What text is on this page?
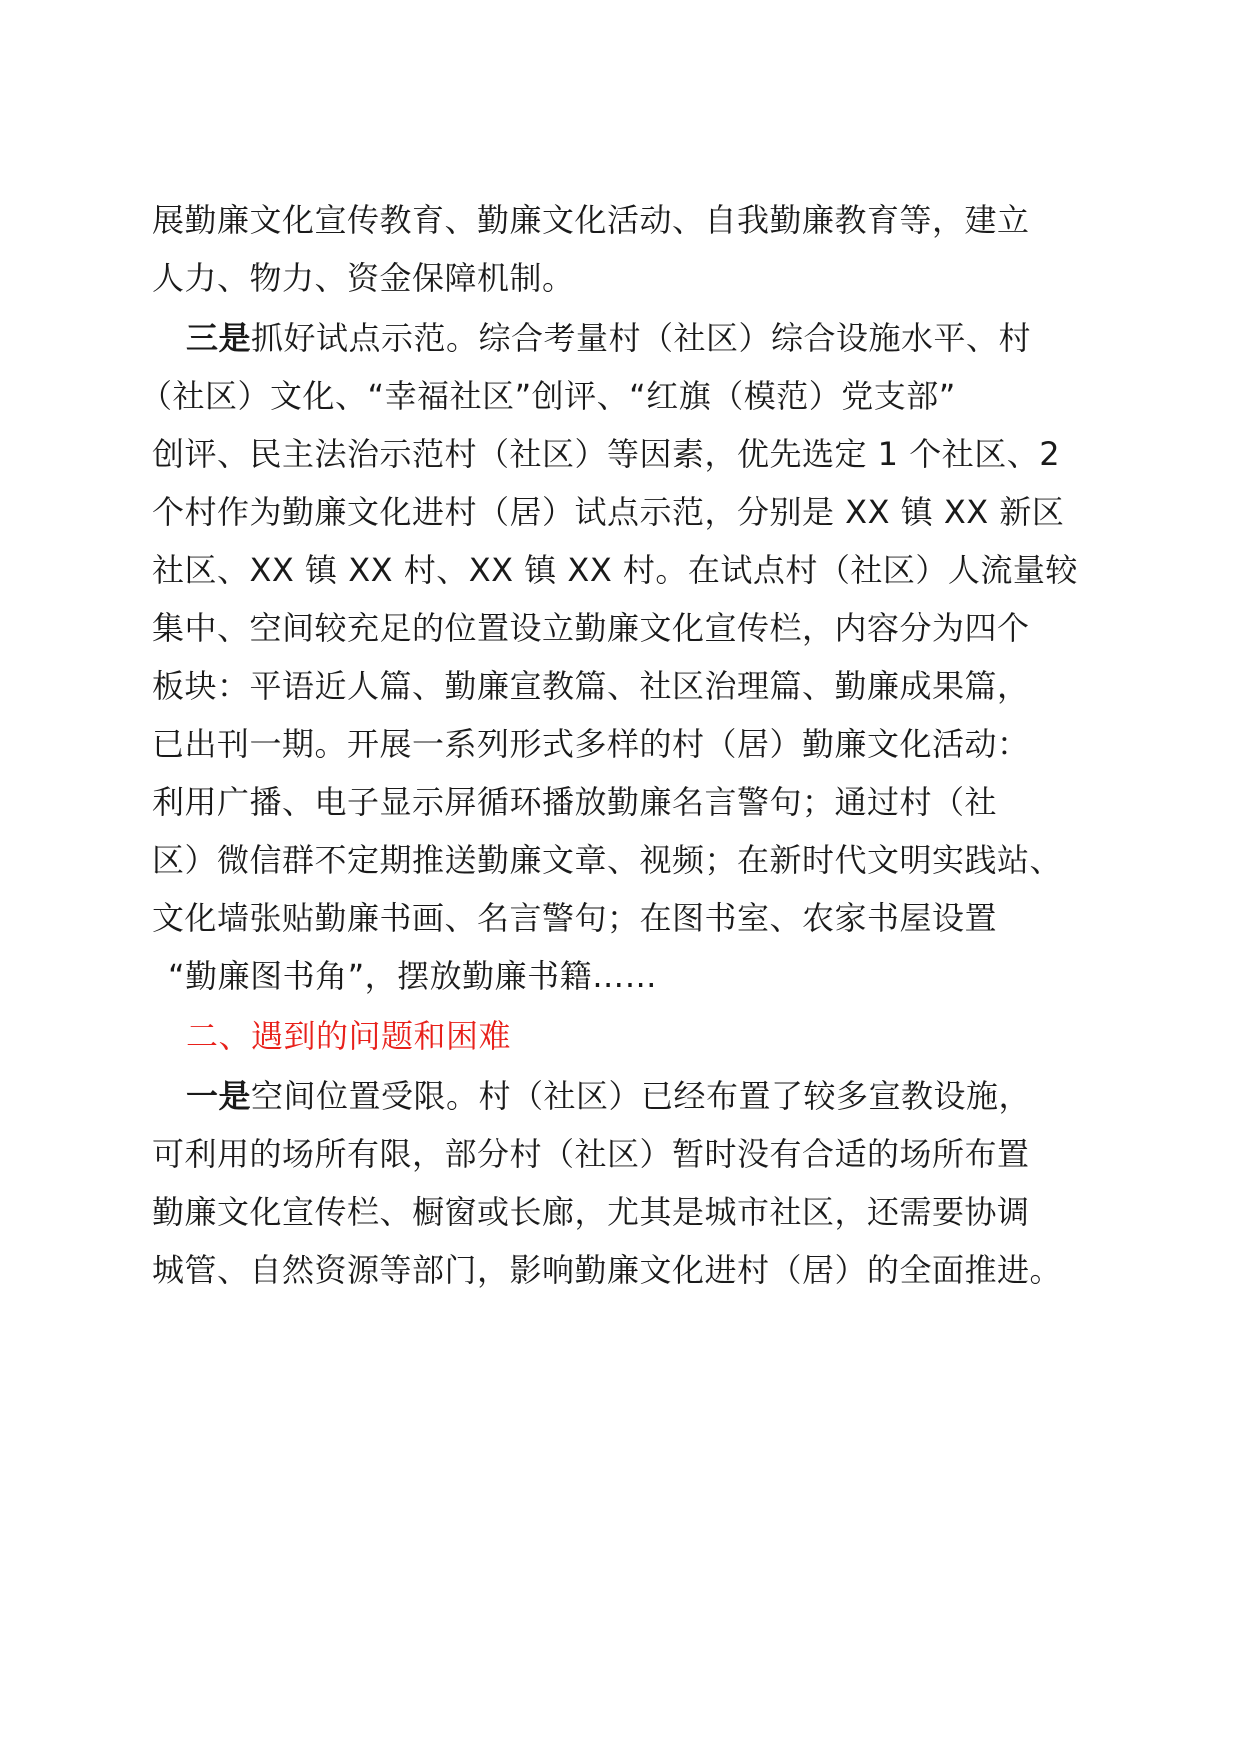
展勤廉文化宣传教育、勤廉文化活动、自我勤廉教育等，建立
人力、物力、资金保障机制。
三是抓好试点示范。综合考量村（社区）综合设施水平、村
（社区）文化、“幸福社区”创评、“红旗（模范）党支部”
创评、民主法治示范村（社区）等因素，优先选定 1 个社区、2
个村作为勤廉文化进村（居）试点示范，分别是 XX 镇 XX 新区
社区、XX 镇 XX 村、XX 镇 XX 村。在试点村（社区）人流量较
集中、空间较充足的位置设立勤廉文化宣传栏，内容分为四个
板块：平语近人篇、勤廉宣教篇、社区治理篇、勤廉成果篇，
已出刊一期。开展一系列形式多样的村（居）勤廉文化活动：
利用广播、电子显示屏循环播放勤廉名言警句；通过村（社
区）微信群不定期推送勤廉文章、视频；在新时代文明实践站、
文化墙张贴勤廉书画、名言警句；在图书室、农家书屋设置
“勤廉图书角”，摆放勤廉书籍……
二、遇到的问题和困难
一是空间位置受限。村（社区）已经布置了较多宣教设施，
可利用的场所有限，部分村（社区）暂时没有合适的场所布置
勤廉文化宣传栏、橱窗或长廊，尤其是城市社区，还需要协调
城管、自然资源等部门，影响勤廉文化进村（居）的全面推进。
